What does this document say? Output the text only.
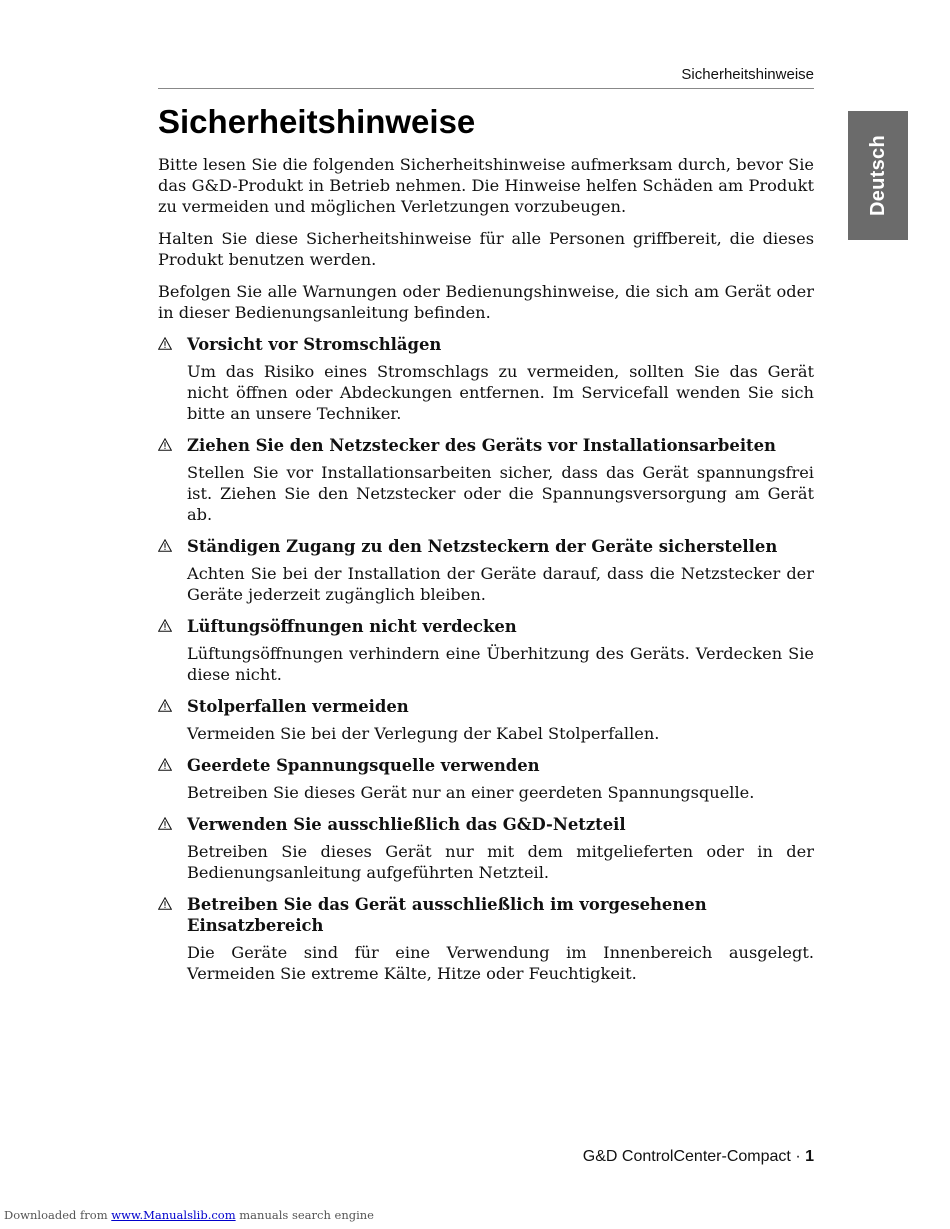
Sicherheitshinweise
Deutsch
Sicherheitshinweise

Bitte lesen Sie die folgenden Sicherheitshinweise aufmerksam durch, bevor Sie das G&D-Produkt in Betrieb nehmen. Die Hinweise helfen Schäden am Produkt zu vermeiden und möglichen Verletzungen vorzubeugen.

Halten Sie diese Sicherheitshinweise für alle Personen griffbereit, die dieses Produkt benutzen werden.

Befolgen Sie alle Warnungen oder Bedienungshinweise, die sich am Gerät oder in dieser Bedienungsanleitung befinden.

Vorsicht vor Stromschlägen

Um das Risiko eines Stromschlags zu vermeiden, sollten Sie das Gerät nicht öffnen oder Abdeckungen entfernen. Im Servicefall wenden Sie sich bitte an unsere Techniker.

Ziehen Sie den Netzstecker des Geräts vor Installationsarbeiten

Stellen Sie vor Installationsarbeiten sicher, dass das Gerät spannungsfrei ist. Ziehen Sie den Netzstecker oder die Spannungsversorgung am Gerät ab.

Ständigen Zugang zu den Netzsteckern der Geräte sicherstellen

Achten Sie bei der Installation der Geräte darauf, dass die Netzstecker der Geräte jederzeit zugänglich bleiben.

Lüftungsöffnungen nicht verdecken

Lüftungsöffnungen verhindern eine Überhitzung des Geräts. Verdecken Sie diese nicht.

Stolperfallen vermeiden

Vermeiden Sie bei der Verlegung der Kabel Stolperfallen.

Geerdete Spannungsquelle verwenden

Betreiben Sie dieses Gerät nur an einer geerdeten Spannungsquelle.

Verwenden Sie ausschließlich das G&D-Netzteil

Betreiben Sie dieses Gerät nur mit dem mitgelieferten oder in der Bedienungsanleitung aufgeführten Netzteil.

Betreiben Sie das Gerät ausschließlich im vorgesehenen Einsatzbereich

Die Geräte sind für eine Verwendung im Innenbereich ausgelegt. Vermeiden Sie extreme Kälte, Hitze oder Feuchtigkeit.

G&D ControlCenter-Compact · 1
Downloaded from www.Manualslib.com manuals search engine
